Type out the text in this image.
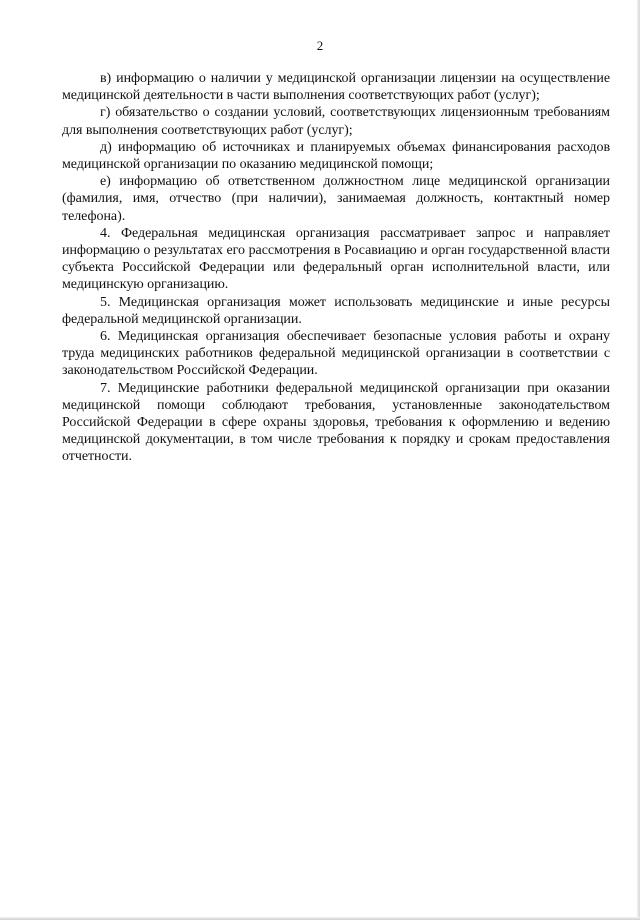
2

в) информацию о наличии у медицинской организации лицензии на осуществление медицинской деятельности в части выполнения соответствующих работ (услуг);

г) обязательство о создании условий, соответствующих лицензионным требованиям для выполнения соответствующих работ (услуг);

д) информацию об источниках и планируемых объемах финансирования расходов медицинской организации по оказанию медицинской помощи;

е) информацию об ответственном должностном лице медицинской организации (фамилия, имя, отчество (при наличии), занимаемая должность, контактный номер телефона).

4. Федеральная медицинская организация рассматривает запрос и направляет информацию о результатах его рассмотрения в Росавиацию и орган государственной власти субъекта Российской Федерации или федеральный орган исполнительной власти, или медицинскую организацию.

5. Медицинская организация может использовать медицинские и иные ресурсы федеральной медицинской организации.

6. Медицинская организация обеспечивает безопасные условия работы и охрану труда медицинских работников федеральной медицинской организации в соответствии с законодательством Российской Федерации.

7. Медицинские работники федеральной медицинской организации при оказании медицинской помощи соблюдают требования, установленные законодательством Российской Федерации в сфере охраны здоровья, требования к оформлению и ведению медицинской документации, в том числе требования к порядку и срокам предоставления отчетности.
